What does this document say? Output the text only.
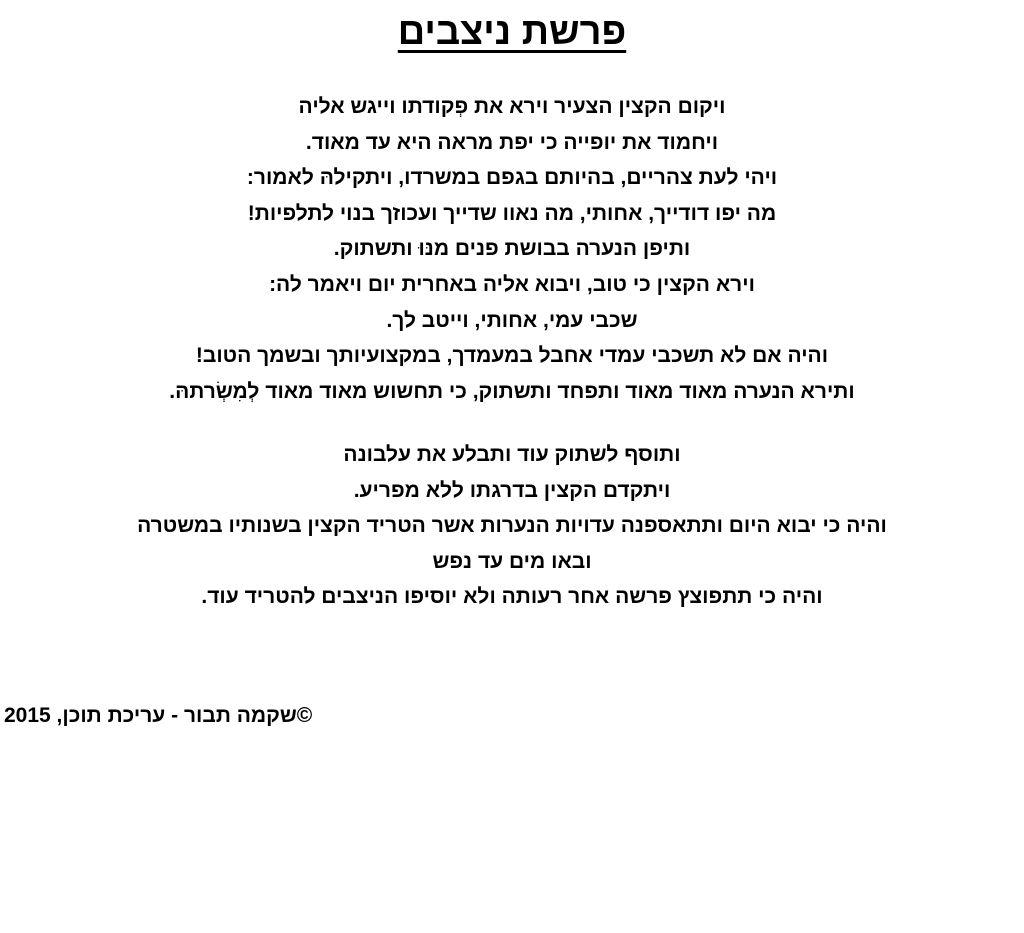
פרשת ניצבים

ויקום הקצין הצעיר וירא את פְקודתו וייגש אליה

ויחמוד את יופייה כי יפת מראה היא עד מאוד.

ויהי לעת צהריים, בהיותם בגפם במשרדו, ויתקילהּ לאמור:

מה יפו דודייך, אחותי, מה נאוו שדייך ועכוזך בנוי לתלפיות!

ותיפן הנערה בבושת פנים מנּוּ ותשתוק.

וירא הקצין כי טוב, ויבוא אליה באחרית יום ויאמר לה:

שכבי עמי, אחותי, וייטב לך.

והיה אם לא תשכבי עמדי אחבל במעמדך, במקצועיותך ובשמך הטוב!

ותירא הנערה מאוד מאוד ותפחד ותשתוק, כי תחשוש מאוד מאוד לְמִשְׂרתהּ.

ותוסף לשתוק עוד ותבלע את עלבונה

ויתקדם הקצין בדרגתו ללא מפריע.

והיה כי יבוא היום ותתאספנה עדויות הנערות אשר הטריד הקצין בשנותיו במשטרה

ובאו מים עד נפש

והיה כי תתפוצץ פרשה אחר רעותה ולא יוסיפו הניצבים להטריד עוד.

©שקמה תבור - עריכת תוכן, 2015
